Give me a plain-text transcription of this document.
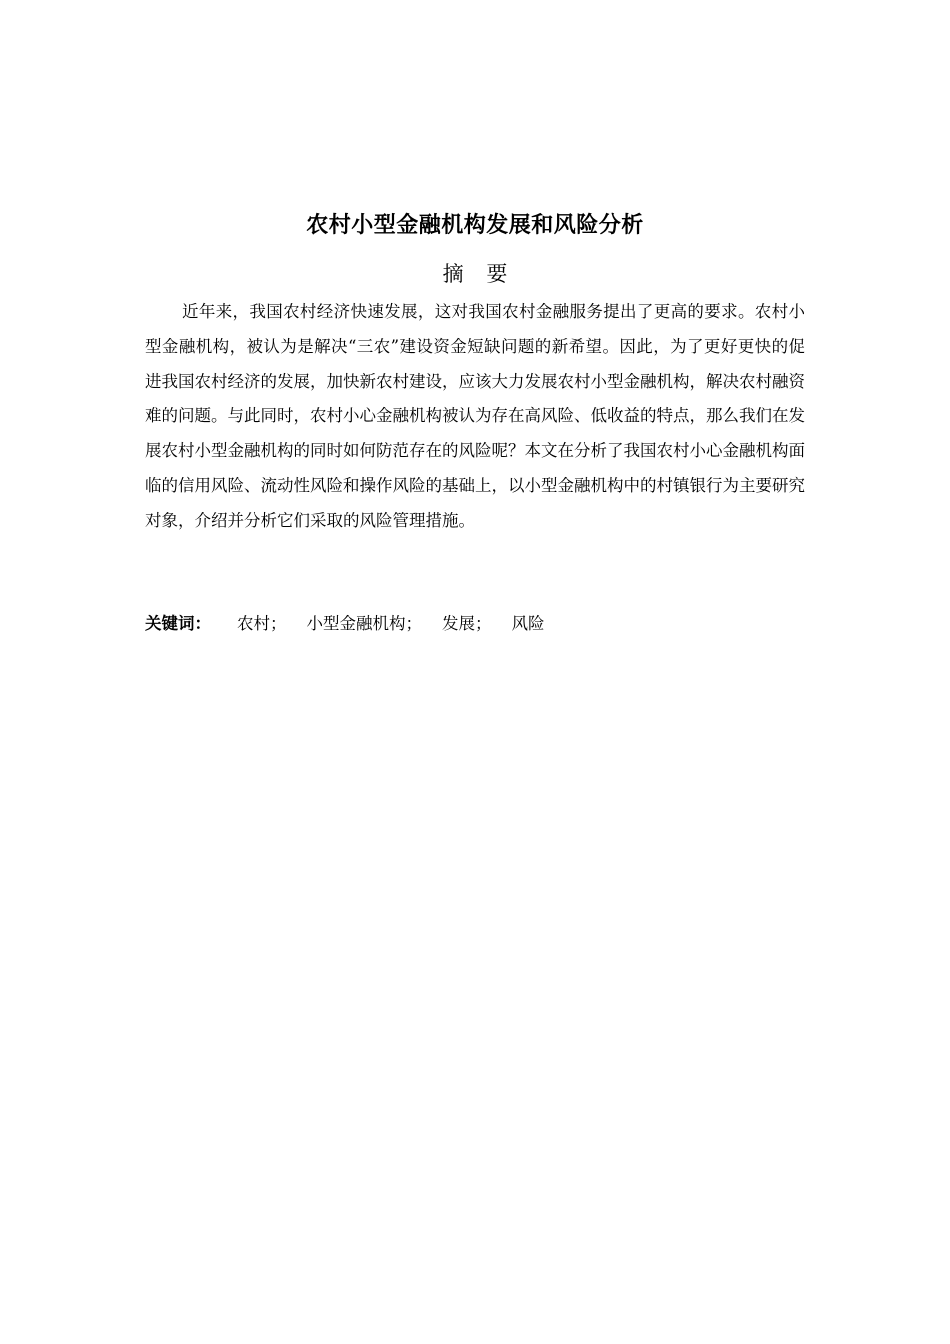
农村小型金融机构发展和风险分析
摘 要

近年来，我国农村经济快速发展，这对我国农村金融服务提出了更高的要求。农村小型金融机构，被认为是解决“三农”建设资金短缺问题的新希望。因此，为了更好更快的促进我国农村经济的发展，加快新农村建设，应该大力发展农村小型金融机构，解决农村融资难的问题。与此同时，农村小心金融机构被认为存在高风险、低收益的特点，那么我们在发展农村小型金融机构的同时如何防范存在的风险呢？本文在分析了我国农村小心金融机构面临的信用风险、流动性风险和操作风险的基础上，以小型金融机构中的村镇银行为主要研究对象，介绍并分析它们采取的风险管理措施。

关键词： 农村； 小型金融机构； 发展； 风险
